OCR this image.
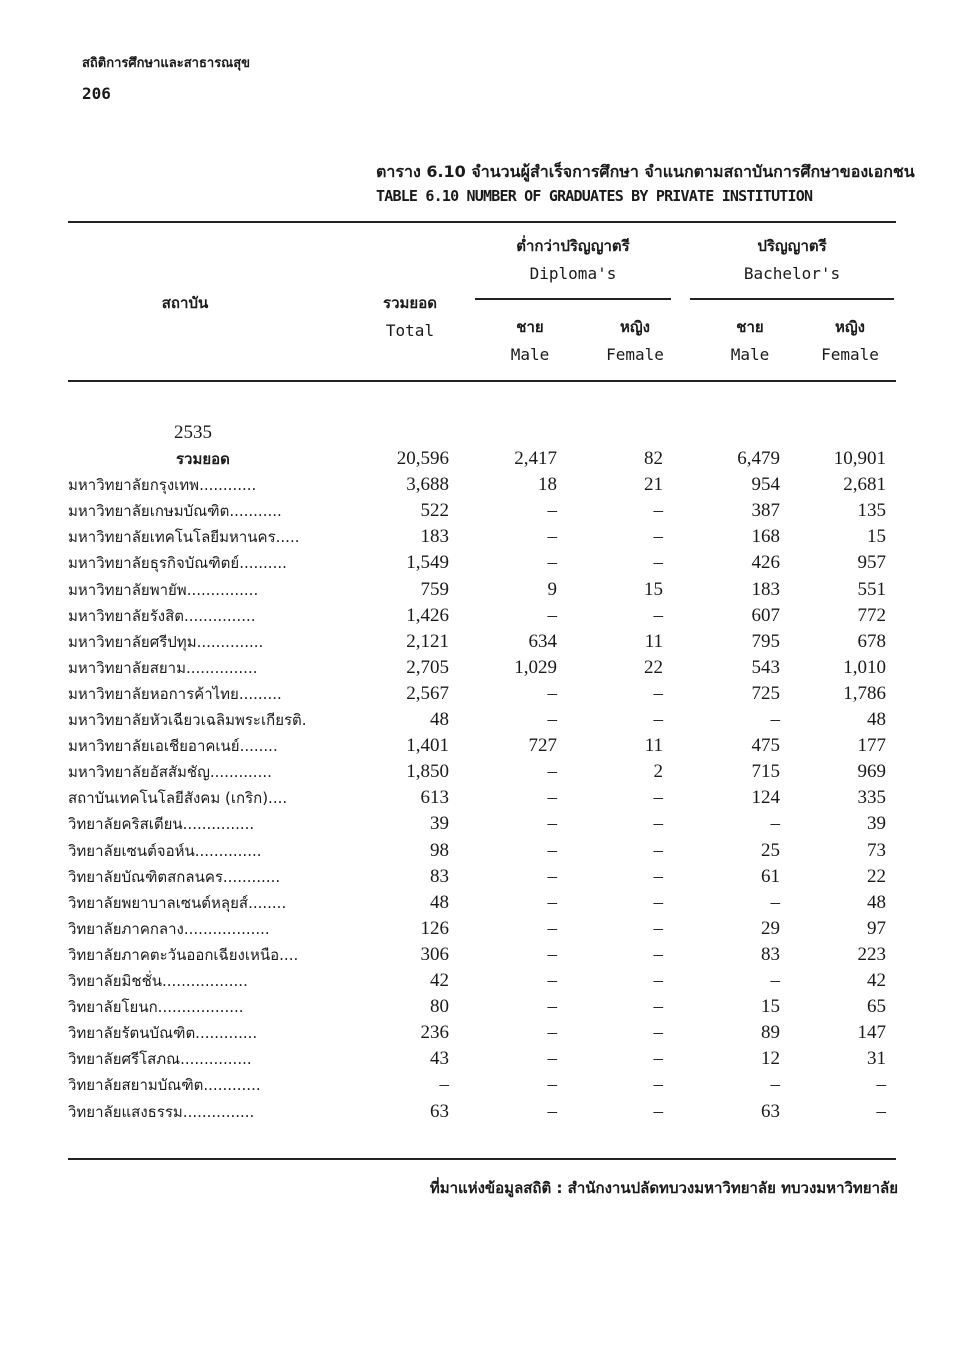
สถิติการศึกษาและสาธารณสุข
206
ตาราง 6.10 จำนวนผู้สำเร็จการศึกษา จำแนกตามสถาบันการศึกษาของเอกชน
TABLE 6.10 NUMBER OF GRADUATES BY PRIVATE INSTITUTION
สถาบัน	รวมยอด
Total
ต่ำกว่าปริญญาตรี
Diploma's
ปริญญาตรี
Bachelor's
ชาย
Male
หญิง
Female
ชาย
Male
หญิง
Female
2535
รวมยอด	20,596	2,417	82	6,479	10,901
มหาวิทยาลัยกรุงเทพ............	3,688	18	21	954	2,681
มหาวิทยาลัยเกษมบัณฑิต...........	522	–	–	387	135
มหาวิทยาลัยเทคโนโลยีมหานคร.....	183	–	–	168	15
มหาวิทยาลัยธุรกิจบัณฑิตย์..........	1,549	–	–	426	957
มหาวิทยาลัยพายัพ...............	759	9	15	183	551
มหาวิทยาลัยรังสิต...............	1,426	–	–	607	772
มหาวิทยาลัยศรีปทุม..............	2,121	634	11	795	678
มหาวิทยาลัยสยาม...............	2,705	1,029	22	543	1,010
มหาวิทยาลัยหอการค้าไทย.........	2,567	–	–	725	1,786
มหาวิทยาลัยหัวเฉียวเฉลิมพระเกียรติ.	48	–	–	–	48
มหาวิทยาลัยเอเชียอาคเนย์........	1,401	727	11	475	177
มหาวิทยาลัยอัสสัมชัญ.............	1,850	–	2	715	969
สถาบันเทคโนโลยีสังคม (เกริก)....	613	–	–	124	335
วิทยาลัยคริสเตียน...............	39	–	–	–	39
วิทยาลัยเซนต์จอห์น..............	98	–	–	25	73
วิทยาลัยบัณฑิตสกลนคร............	83	–	–	61	22
วิทยาลัยพยาบาลเซนต์หลุยส์........	48	–	–	–	48
วิทยาลัยภาคกลาง..................	126	–	–	29	97
วิทยาลัยภาคตะวันออกเฉียงเหนือ....	306	–	–	83	223
วิทยาลัยมิชชั่น..................	42	–	–	–	42
วิทยาลัยโยนก..................	80	–	–	15	65
วิทยาลัยรัตนบัณฑิต.............	236	–	–	89	147
วิทยาลัยศรีโสภณ...............	43	–	–	12	31
วิทยาลัยสยามบัณฑิต............	–	–	–	–	–
วิทยาลัยแสงธรรม...............	63	–	–	63	–
ที่มาแห่งข้อมูลสถิติ : สำนักงานปลัดทบวงมหาวิทยาลัย ทบวงมหาวิทยาลัย
